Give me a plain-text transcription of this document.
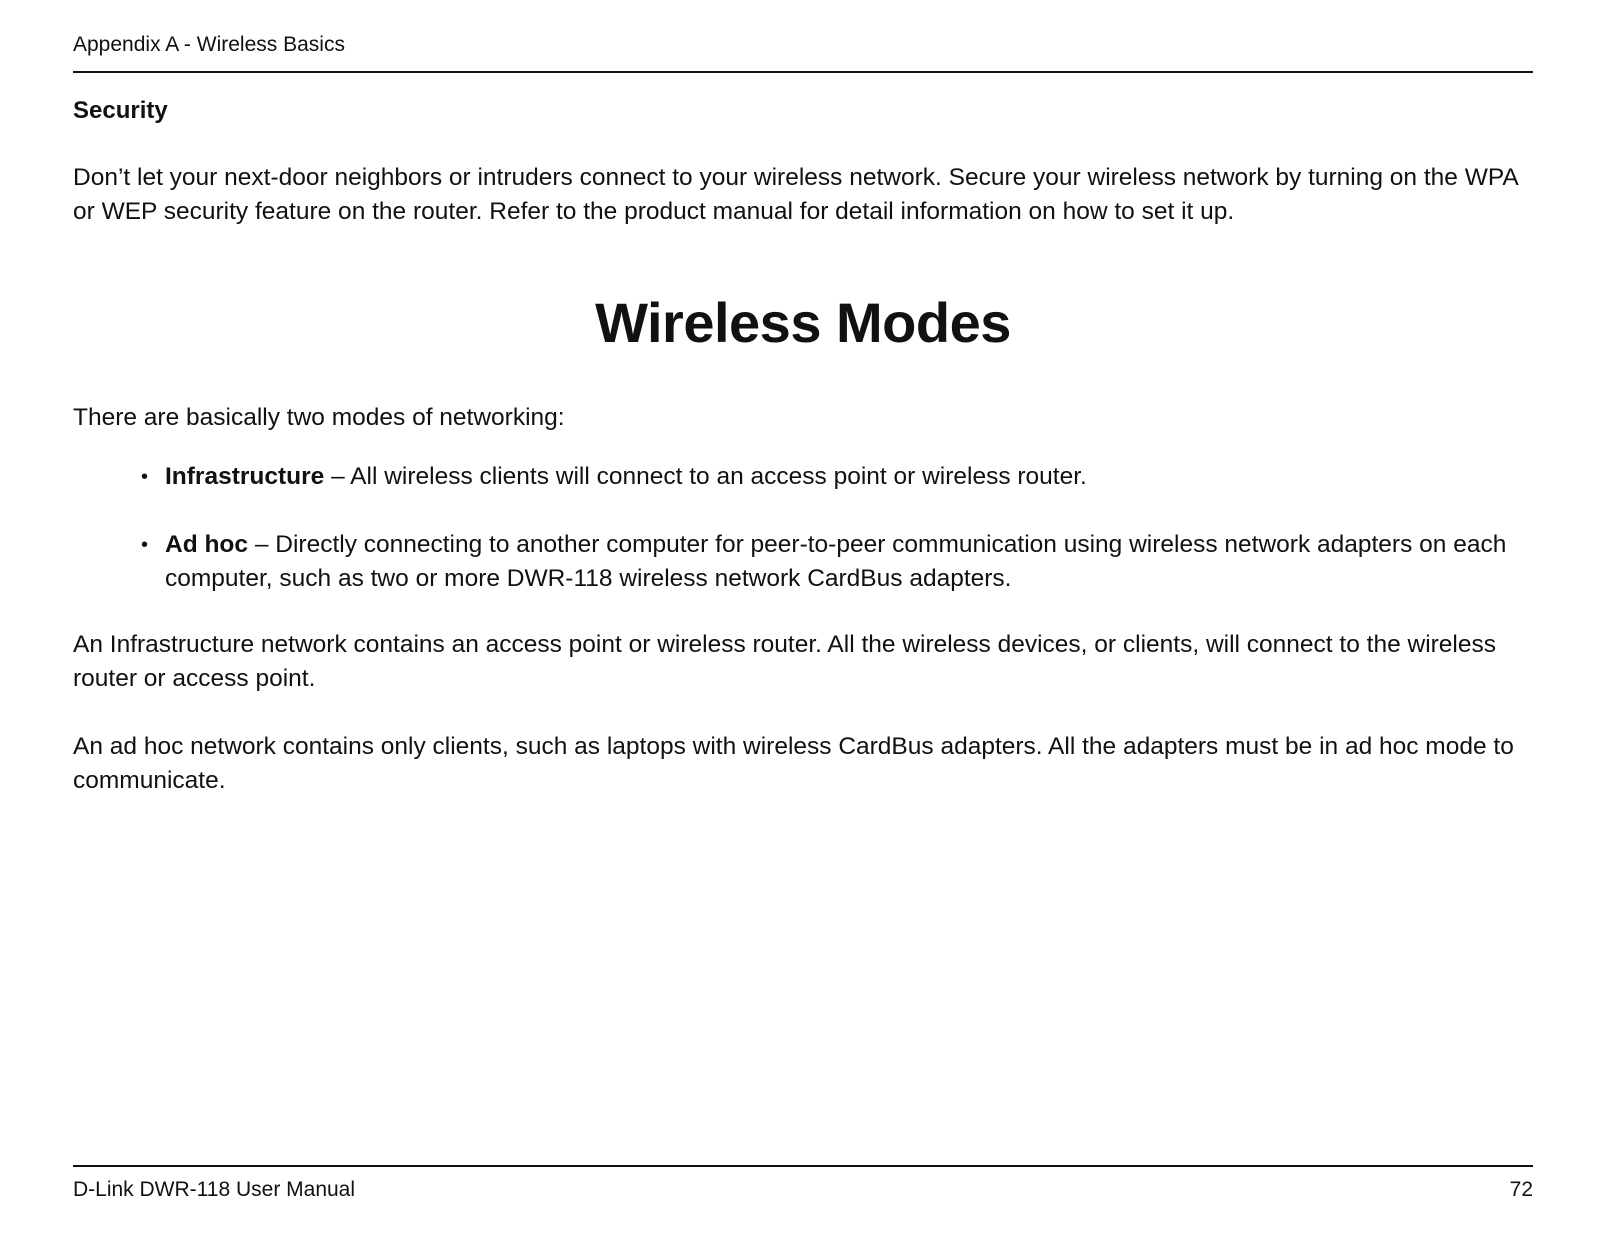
Appendix A - Wireless Basics
Security

Don’t let your next-door neighbors or intruders connect to your wireless network. Secure your wireless network by turning on the WPA or WEP security feature on the router. Refer to the product manual for detail information on how to set it up.

Wireless Modes

There are basically two modes of networking:

• Infrastructure – All wireless clients will connect to an access point or wireless router.
• Ad hoc – Directly connecting to another computer for peer-to-peer communication using wireless network adapters on each computer, such as two or more DWR-118 wireless network CardBus adapters.

An Infrastructure network contains an access point or wireless router. All the wireless devices, or clients, will connect to the wireless router or access point.

An ad hoc network contains only clients, such as laptops with wireless CardBus adapters. All the adapters must be in ad hoc mode to communicate.

D-Link DWR-118 User Manual	72
